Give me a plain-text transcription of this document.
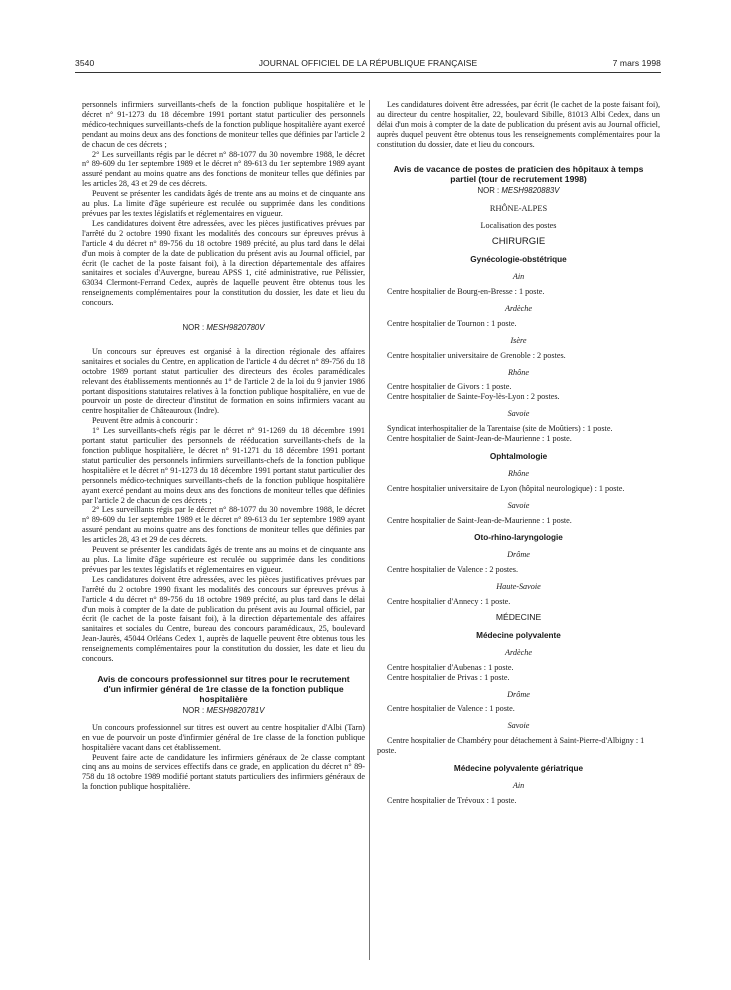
3540	JOURNAL OFFICIEL DE LA RÉPUBLIQUE FRANÇAISE	7 mars 1998

personnels infirmiers surveillants-chefs de la fonction publique hospitalière et le décret n° 91-1273 du 18 décembre 1991 portant statut particulier des personnels médico-techniques surveillants-chefs de la fonction publique hospitalière ayant exercé pendant au moins deux ans des fonctions de moniteur telles que définies par l'article 2 de chacun de ces décrets ;

2° Les surveillants régis par le décret n° 88-1077 du 30 novembre 1988, le décret n° 89-609 du 1er septembre 1989 et le décret n° 89-613 du 1er septembre 1989 ayant assuré pendant au moins quatre ans des fonctions de moniteur telles que définies par les articles 28, 43 et 29 de ces décrets.

Peuvent se présenter les candidats âgés de trente ans au moins et de cinquante ans au plus. La limite d'âge supérieure est reculée ou supprimée dans les conditions prévues par les textes législatifs et réglementaires en vigueur.

Les candidatures doivent être adressées, avec les pièces justificatives prévues par l'arrêté du 2 octobre 1990 fixant les modalités des concours sur épreuves prévus à l'article 4 du décret n° 89-756 du 18 octobre 1989 précité, au plus tard dans le délai d'un mois à compter de la date de publication du présent avis au Journal officiel, par écrit (le cachet de la poste faisant foi), à la direction départementale des affaires sanitaires et sociales d'Auvergne, bureau APSS 1, cité administrative, rue Pélissier, 63034 Clermont-Ferrand Cedex, auprès de laquelle peuvent être obtenus tous les renseignements complémentaires pour la constitution du dossier, les date et lieu du concours.

NOR : MESH9820780V

Un concours sur épreuves est organisé à la direction régionale des affaires sanitaires et sociales du Centre, en application de l'article 4 du décret n° 89-756 du 18 octobre 1989 portant statut particulier des directeurs des écoles paramédicales relevant des établissements mentionnés au 1° de l'article 2 de la loi du 9 janvier 1986 portant dispositions statutaires relatives à la fonction publique hospitalière, en vue de pourvoir un poste de directeur d'institut de formation en soins infirmiers vacant au centre hospitalier de Châteauroux (Indre).

Peuvent être admis à concourir :

1° Les surveillants-chefs régis par le décret n° 91-1269 du 18 décembre 1991 portant statut particulier des personnels de rééducation surveillants-chefs de la fonction publique hospitalière, le décret n° 91-1271 du 18 décembre 1991 portant statut particulier des personnels infirmiers surveillants-chefs de la fonction publique hospitalière et le décret n° 91-1273 du 18 décembre 1991 portant statut particulier des personnels médico-techniques surveillants-chefs de la fonction publique hospitalière ayant exercé pendant au moins deux ans des fonctions de moniteur telles que définies par l'article 2 de chacun de ces décrets ;

2° Les surveillants régis par le décret n° 88-1077 du 30 novembre 1988, le décret n° 89-609 du 1er septembre 1989 et le décret n° 89-613 du 1er septembre 1989 ayant assuré pendant au moins quatre ans des fonctions de moniteur telles que définies par les articles 28, 43 et 29 de ces décrets.

Peuvent se présenter les candidats âgés de trente ans au moins et de cinquante ans au plus. La limite d'âge supérieure est reculée ou supprimée dans les conditions prévues par les textes législatifs et réglementaires en vigueur.

Les candidatures doivent être adressées, avec les pièces justificatives prévues par l'arrêté du 2 octobre 1990 fixant les modalités des concours sur épreuves prévus à l'article 4 du décret n° 89-756 du 18 octobre 1989 précité, au plus tard dans le délai d'un mois à compter de la date de publication du présent avis au Journal officiel, par écrit (le cachet de la poste faisant foi), à la direction départementale des affaires sanitaires et sociales du Centre, bureau des concours paramédicaux, 25, boulevard Jean-Jaurès, 45044 Orléans Cedex 1, auprès de laquelle peuvent être obtenus tous les renseignements complémentaires pour la constitution du dossier, les date et lieu du concours.

Avis de concours professionnel sur titres pour le recrutement d'un infirmier général de 1re classe de la fonction publique hospitalière
NOR : MESH9820781V

Un concours professionnel sur titres est ouvert au centre hospitalier d'Albi (Tarn) en vue de pourvoir un poste d'infirmier général de 1re classe de la fonction publique hospitalière vacant dans cet établissement.

Peuvent faire acte de candidature les infirmiers généraux de 2e classe comptant cinq ans au moins de services effectifs dans ce grade, en application du décret n° 89-758 du 18 octobre 1989 modifié portant statuts particuliers des infirmiers généraux de la fonction publique hospitalière.

Les candidatures doivent être adressées, par écrit (le cachet de la poste faisant foi), au directeur du centre hospitalier, 22, boulevard Sibille, 81013 Albi Cedex, dans un délai d'un mois à compter de la date de publication du présent avis au Journal officiel, auprès duquel peuvent être obtenus tous les renseignements complémentaires pour la constitution du dossier, date et lieu du concours.

Avis de vacance de postes de praticien des hôpitaux à temps partiel (tour de recrutement 1998)
NOR : MESH9820883V
RHÔNE-ALPES
Localisation des postes
CHIRURGIE
Gynécologie-obstétrique
Ain

Centre hospitalier de Bourg-en-Bresse : 1 poste.

Ardèche

Centre hospitalier de Tournon : 1 poste.

Isère

Centre hospitalier universitaire de Grenoble : 2 postes.

Rhône

Centre hospitalier de Givors : 1 poste.

Centre hospitalier de Sainte-Foy-lès-Lyon : 2 postes.

Savoie

Syndicat interhospitalier de la Tarentaise (site de Moûtiers) : 1 poste.

Centre hospitalier de Saint-Jean-de-Maurienne : 1 poste.

Ophtalmologie
Rhône

Centre hospitalier universitaire de Lyon (hôpital neurologique) : 1 poste.

Savoie

Centre hospitalier de Saint-Jean-de-Maurienne : 1 poste.

Oto-rhino-laryngologie
Drôme

Centre hospitalier de Valence : 2 postes.

Haute-Savoie

Centre hospitalier d'Annecy : 1 poste.

MÉDECINE
Médecine polyvalente
Ardèche

Centre hospitalier d'Aubenas : 1 poste.

Centre hospitalier de Privas : 1 poste.

Drôme

Centre hospitalier de Valence : 1 poste.

Savoie

Centre hospitalier de Chambéry pour détachement à Saint-Pierre-d'Albigny : 1 poste.

Médecine polyvalente gériatrique
Ain

Centre hospitalier de Trévoux : 1 poste.
